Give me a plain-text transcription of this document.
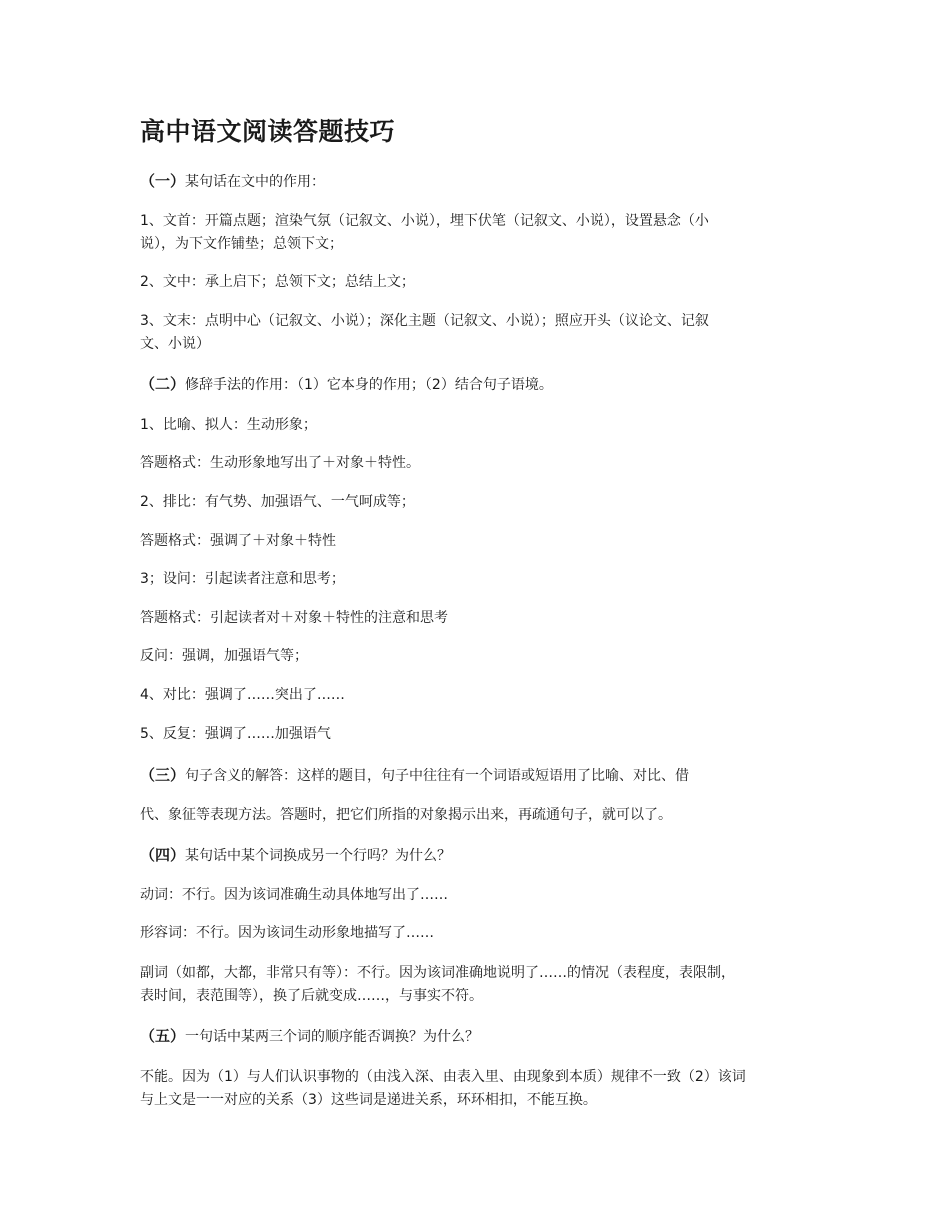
高中语文阅读答题技巧
（一）某句话在文中的作用：
1、文首：开篇点题；渲染气氛（记叙文、小说），埋下伏笔（记叙文、小说），设置悬念（小
说），为下文作铺垫；总领下文；
2、文中：承上启下；总领下文；总结上文；
3、文末：点明中心（记叙文、小说）；深化主题（记叙文、小说）；照应开头（议论文、记叙
文、小说）
（二）修辞手法的作用：（1）它本身的作用；（2）结合句子语境。
1、比喻、拟人：生动形象；
答题格式：生动形象地写出了＋对象＋特性。
2、排比：有气势、加强语气、一气呵成等；
答题格式：强调了＋对象＋特性
3；设问：引起读者注意和思考；
答题格式：引起读者对＋对象＋特性的注意和思考
反问：强调，加强语气等；
4、对比：强调了……突出了……
5、反复：强调了……加强语气
（三）句子含义的解答：这样的题目，句子中往往有一个词语或短语用了比喻、对比、借
代、象征等表现方法。答题时，把它们所指的对象揭示出来，再疏通句子，就可以了。
（四）某句话中某个词换成另一个行吗？为什么？
动词：不行。因为该词准确生动具体地写出了……
形容词：不行。因为该词生动形象地描写了……
副词（如都，大都，非常只有等）：不行。因为该词准确地说明了……的情况（表程度，表限制，
表时间，表范围等），换了后就变成……，与事实不符。
（五）一句话中某两三个词的顺序能否调换？为什么？
不能。因为（1）与人们认识事物的（由浅入深、由表入里、由现象到本质）规律不一致（2）该词
与上文是一一对应的关系（3）这些词是递进关系，环环相扣，不能互换。
